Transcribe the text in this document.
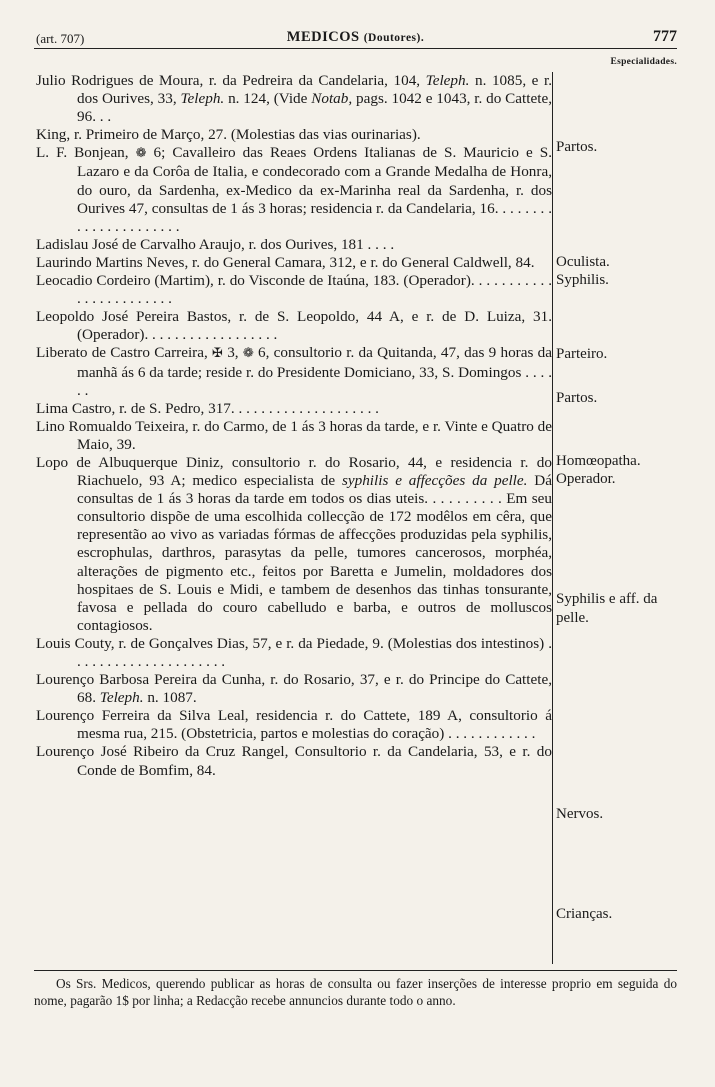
(art. 707)	MEDICOS (Doutores).	777
Especialidades.
Julio Rodrigues de Moura, r. da Pedreira da Candelaria, 104, Teleph. n. 1085, e r. dos Ourives, 33, Teleph. n. 124, (Vide Notab, pags. 1042 e 1043, r. do Cattete, 96. . .
King, r. Primeiro de Março, 27. (Molestias das vias ourinarias).
L. F. Bonjean, ❁ 6; Cavalleiro das Reaes Ordens Italianas de S. Mauricio e S. Lazaro e da Corôa de Italia, e condecorado com a Grande Medalha de Honra, do ouro, da Sardenha, ex-Medico da ex-Marinha real da Sardenha, r. dos Ourives 47, consultas de 1 ás 3 horas; residencia r. da Candelaria, 16. . . . . . . . . . . . . . . . . . . . . .
Ladislau José de Carvalho Araujo, r. dos Ourives, 181 . . . .
Laurindo Martins Neves, r. do General Camara, 312, e r. do General Caldwell, 84.
Leocadio Cordeiro (Martim), r. do Visconde de Itaúna, 183. (Operador). . . . . . . . . . . . . . . . . . . . . . . .
Leopoldo José Pereira Bastos, r. de S. Leopoldo, 44 A, e r. de D. Luiza, 31. (Operador). . . . . . . . . . . . . . . . . .
Liberato de Castro Carreira, ✠ 3, ❁ 6, consultorio r. da Quitanda, 47, das 9 horas da manhã ás 6 da tarde; reside r. do Presidente Domiciano, 33, S. Domingos . . . . . .
Lima Castro, r. de S. Pedro, 317. . . . . . . . . . . . . . . . . . . .
Lino Romualdo Teixeira, r. do Carmo, de 1 ás 3 horas da tarde, e r. Vinte e Quatro de Maio, 39.
Lopo de Albuquerque Diniz, consultorio r. do Rosario, 44, e residencia r. do Riachuelo, 93 A; medico especialista de syphilis e affecções da pelle. Dá consultas de 1 ás 3 horas da tarde em todos os dias uteis. . . . . . . . . . Em seu consultorio dispõe de uma escolhida collecção de 172 modêlos em cêra, que representão ao vivo as variadas fórmas de affecções produzidas pela syphilis, escrophulas, darthros, parasytas da pelle, tumores cancerosos, morphéa, alterações de pigmento etc., feitos por Baretta e Jumelin, moldadores dos hospitaes de S. Louis e Midi, e tambem de desenhos das tinhas tonsurante, favosa e pellada do couro cabelludo e barba, e outros de molluscos contagiosos.
Louis Couty, r. de Gonçalves Dias, 57, e r. da Piedade, 9. (Molestias dos intestinos) . . . . . . . . . . . . . . . . . . . . .
Lourenço Barbosa Pereira da Cunha, r. do Rosario, 37, e r. do Principe do Cattete, 68. Teleph. n. 1087.
Lourenço Ferreira da Silva Leal, residencia r. do Cattete, 189 A, consultorio á mesma rua, 215. (Obstetricia, partos e molestias do coração) . . . . . . . . . . . .
Lourenço José Ribeiro da Cruz Rangel, Consultorio r. da Candelaria, 53, e r. do Conde de Bomfim, 84.
Partos.
Oculista.
Syphilis.
Parteiro.
Partos.
Homœopatha.
Operador.
Syphilis e aff. da pelle.
Nervos.
Crianças.
Os Srs. Medicos, querendo publicar as horas de consulta ou fazer inserções de interesse proprio em seguida do nome, pagarão 1$ por linha; a Redacção recebe annuncios durante todo o anno.
